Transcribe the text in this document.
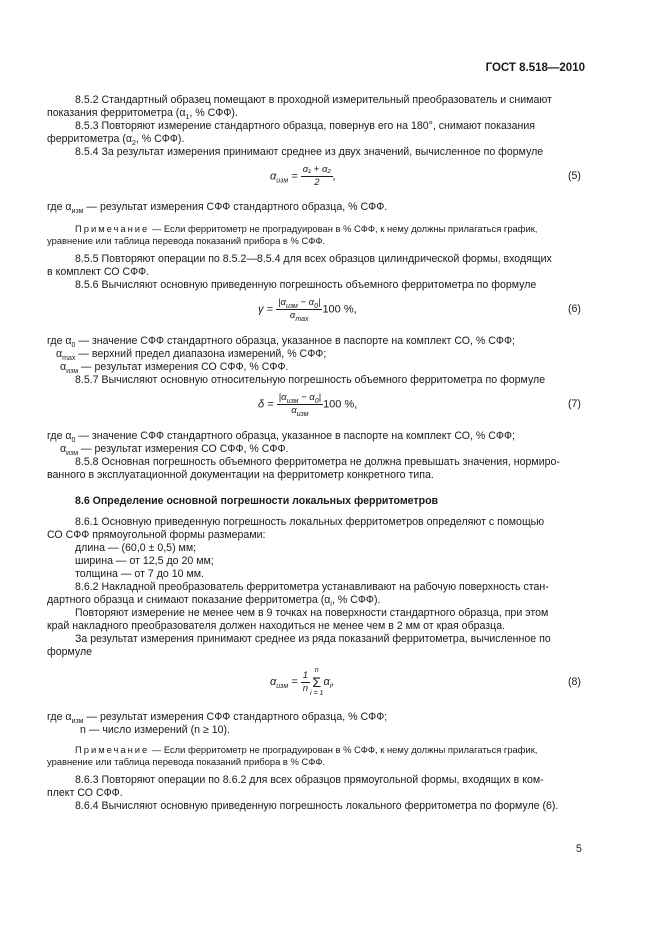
ГОСТ 8.518—2010
8.5.2 Стандартный образец помещают в проходной измерительный преобразователь и снимают
показания ферритометра ($\alpha_1$, % СФФ).
8.5.3 Повторяют измерение стандартного образца, повернув его на 180°, снимают показания
ферритометра ($\alpha_2$, % СФФ).
8.5.4 За результат измерения принимают среднее из двух значений, вычисленное по формуле
$\alpha_{изм} = \frac{\text{α₁ + α₂}}{2}$ ,	(5)
где $\alpha_{изм}$ — результат измерения СФФ стандартного образца, % СФФ.
Примечание — Если ферритометр не проградуирован в % СФФ, к нему должны прилагаться график,
уравнение или таблица перевода показаний прибора в % СФФ.
8.5.5 Повторяют операции по 8.5.2—8.5.4 для всех образцов цилиндрической формы, входящих
в комплект СО СФФ.
8.5.6 Вычисляют основную приведенную погрешность объемного ферритометра по формуле
$\gamma = \frac{|\alpha_{изм} - \alpha_0|}{\alpha_{max}} 100$ %,	(6)
где $\alpha_0$ — значение СФФ стандартного образца, указанное в паспорте на комплект СО, % СФФ;
$\alpha_{max}$ — верхний предел диапазона измерений, % СФФ;
$\alpha_{изм}$ — результат измерения СО СФФ, % СФФ.
8.5.7 Вычисляют основную относительную погрешность объемного ферритометра по формуле
$\delta = \frac{|\alpha_{изм} - \alpha_0|}{\alpha_{изм}} 100$ %,	(7)
где $\alpha_0$ — значение СФФ стандартного образца, указанное в паспорте на комплект СО, % СФФ;
$\alpha_{изм}$ — результат измерения СО СФФ, % СФФ.
8.5.8 Основная погрешность объемного ферритометра не должна превышать значения, нормиро-
ванного в эксплуатационной документации на ферритометр конкретного типа.
8.6 Определение основной погрешности локальных ферритометров
8.6.1 Основную приведенную погрешность локальных ферритометров определяют с помощью
СО СФФ прямоугольной формы размерами:
длина — (60,0 ± 0,5) мм;
ширина — от 12,5 до 20 мм;
толщина — от 7 до 10 мм.
8.6.2 Накладной преобразователь ферритометра устанавливают на рабочую поверхность стан-
дартного образца и снимают показание ферритометра ($\alpha_i$, % СФФ).
Повторяют измерение не менее чем в 9 точках на поверхности стандартного образца, при этом
край накладного преобразователя должен находиться не менее чем в 2 мм от края образца.
За результат измерения принимают среднее из ряда показаний ферритометра, вычисленное по
формуле
$\alpha_{изм} = \frac{1}{n}$ n
Σ
i = 1
$\alpha_i$,	(8)
где $\alpha_{изм}$ — результат измерения СФФ стандартного образца, % СФФ;
n — число измерений (n ≥ 10).
Примечание — Если ферритометр не проградуирован в % СФФ, к нему должны прилагаться график,
уравнение или таблица перевода показаний прибора в % СФФ.
8.6.3 Повторяют операции по 8.6.2 для всех образцов прямоугольной формы, входящих в ком-
плект СО СФФ.
8.6.4 Вычисляют основную приведенную погрешность локального ферритометра по формуле (6).
5
